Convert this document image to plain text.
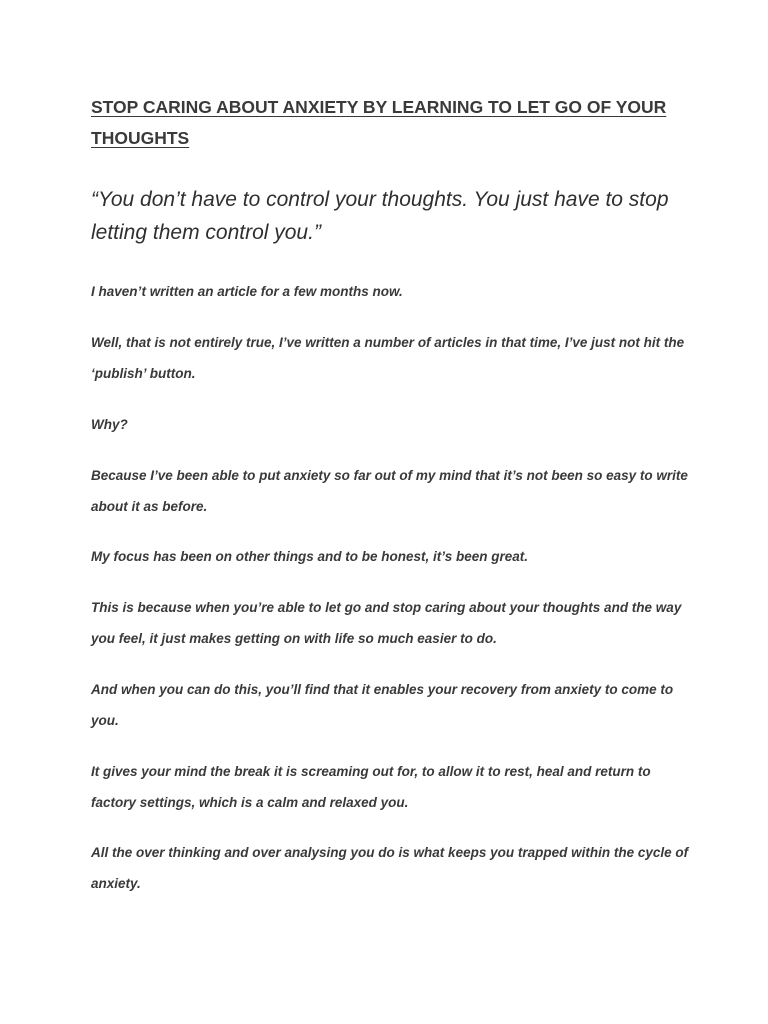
STOP CARING ABOUT ANXIETY BY LEARNING TO LET GO OF YOUR THOUGHTS

“You don’t have to control your thoughts. You just have to stop letting them control you.”

I haven’t written an article for a few months now.

Well, that is not entirely true, I’ve written a number of articles in that time, I’ve just not hit the ‘publish’ button.

Why?

Because I’ve been able to put anxiety so far out of my mind that it’s not been so easy to write about it as before.

My focus has been on other things and to be honest, it’s been great.

This is because when you’re able to let go and stop caring about your thoughts and the way you feel, it just makes getting on with life so much easier to do.

And when you can do this, you’ll find that it enables your recovery from anxiety to come to you.

It gives your mind the break it is screaming out for, to allow it to rest, heal and return to factory settings, which is a calm and relaxed you.

All the over thinking and over analysing you do is what keeps you trapped within the cycle of anxiety.
